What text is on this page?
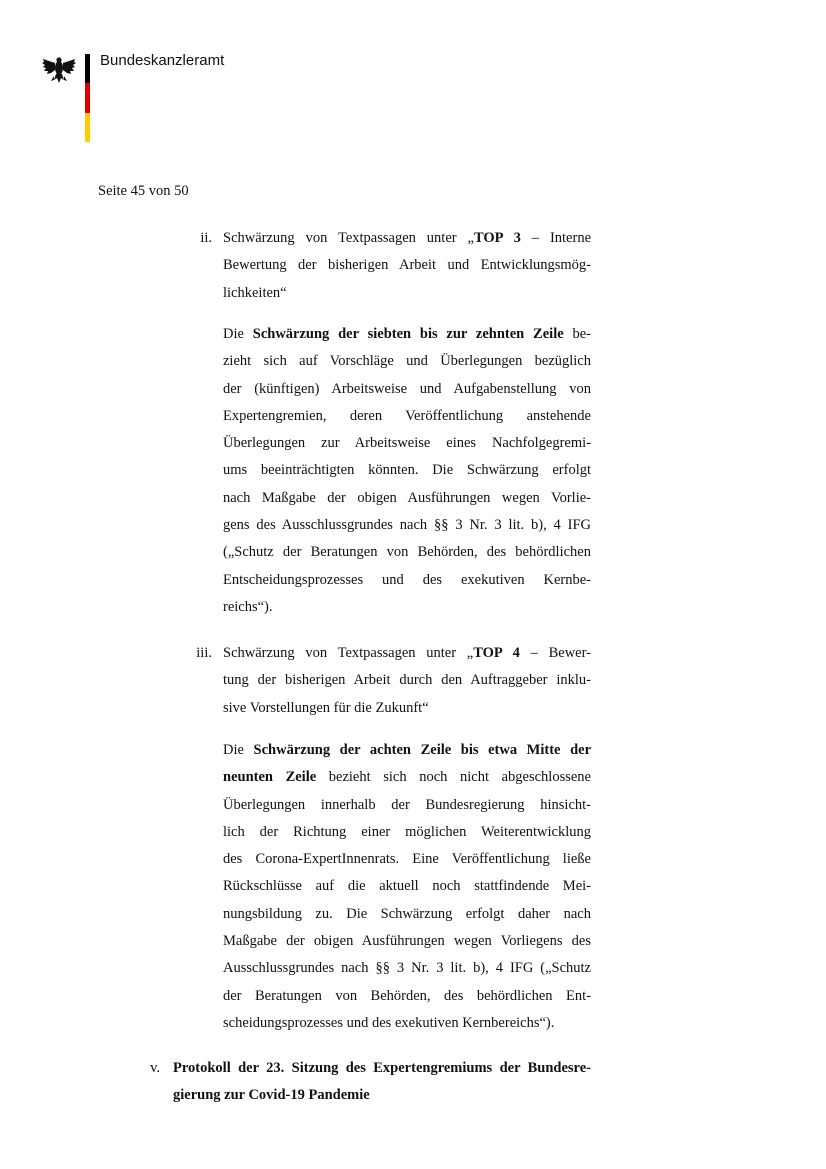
Bundeskanzleramt
Seite 45 von 50
ii. Schwärzung von Textpassagen unter „TOP 3 – Interne
Bewertung der bisherigen Arbeit und Entwicklungsmög-
lichkeiten“
Die Schwärzung der siebten bis zur zehnten Zeile be-
zieht sich auf Vorschläge und Überlegungen bezüglich
der (künftigen) Arbeitsweise und Aufgabenstellung von
Expertengremien, deren Veröffentlichung anstehende
Überlegungen zur Arbeitsweise eines Nachfolgegremi-
ums beeinträchtigten könnten. Die Schwärzung erfolgt
nach Maßgabe der obigen Ausführungen wegen Vorlie-
gens des Ausschlussgrundes nach §§ 3 Nr. 3 lit. b), 4 IFG
(„Schutz der Beratungen von Behörden, des behördlichen
Entscheidungsprozesses und des exekutiven Kernbe-
reichs“).
iii. Schwärzung von Textpassagen unter „TOP 4 – Bewer-
tung der bisherigen Arbeit durch den Auftraggeber inklu-
sive Vorstellungen für die Zukunft“
Die Schwärzung der achten Zeile bis etwa Mitte der
neunten Zeile bezieht sich noch nicht abgeschlossene
Überlegungen innerhalb der Bundesregierung hinsicht-
lich der Richtung einer möglichen Weiterentwicklung
des Corona-ExpertInnenrats. Eine Veröffentlichung ließe
Rückschlüsse auf die aktuell noch stattfindende Mei-
nungsbildung zu. Die Schwärzung erfolgt daher nach
Maßgabe der obigen Ausführungen wegen Vorliegens des
Ausschlussgrundes nach §§ 3 Nr. 3 lit. b), 4 IFG („Schutz
der Beratungen von Behörden, des behördlichen Ent-
scheidungsprozesses und des exekutiven Kernbereichs“).
v. Protokoll der 23. Sitzung des Expertengremiums der Bundesre-
gierung zur Covid-19 Pandemie
